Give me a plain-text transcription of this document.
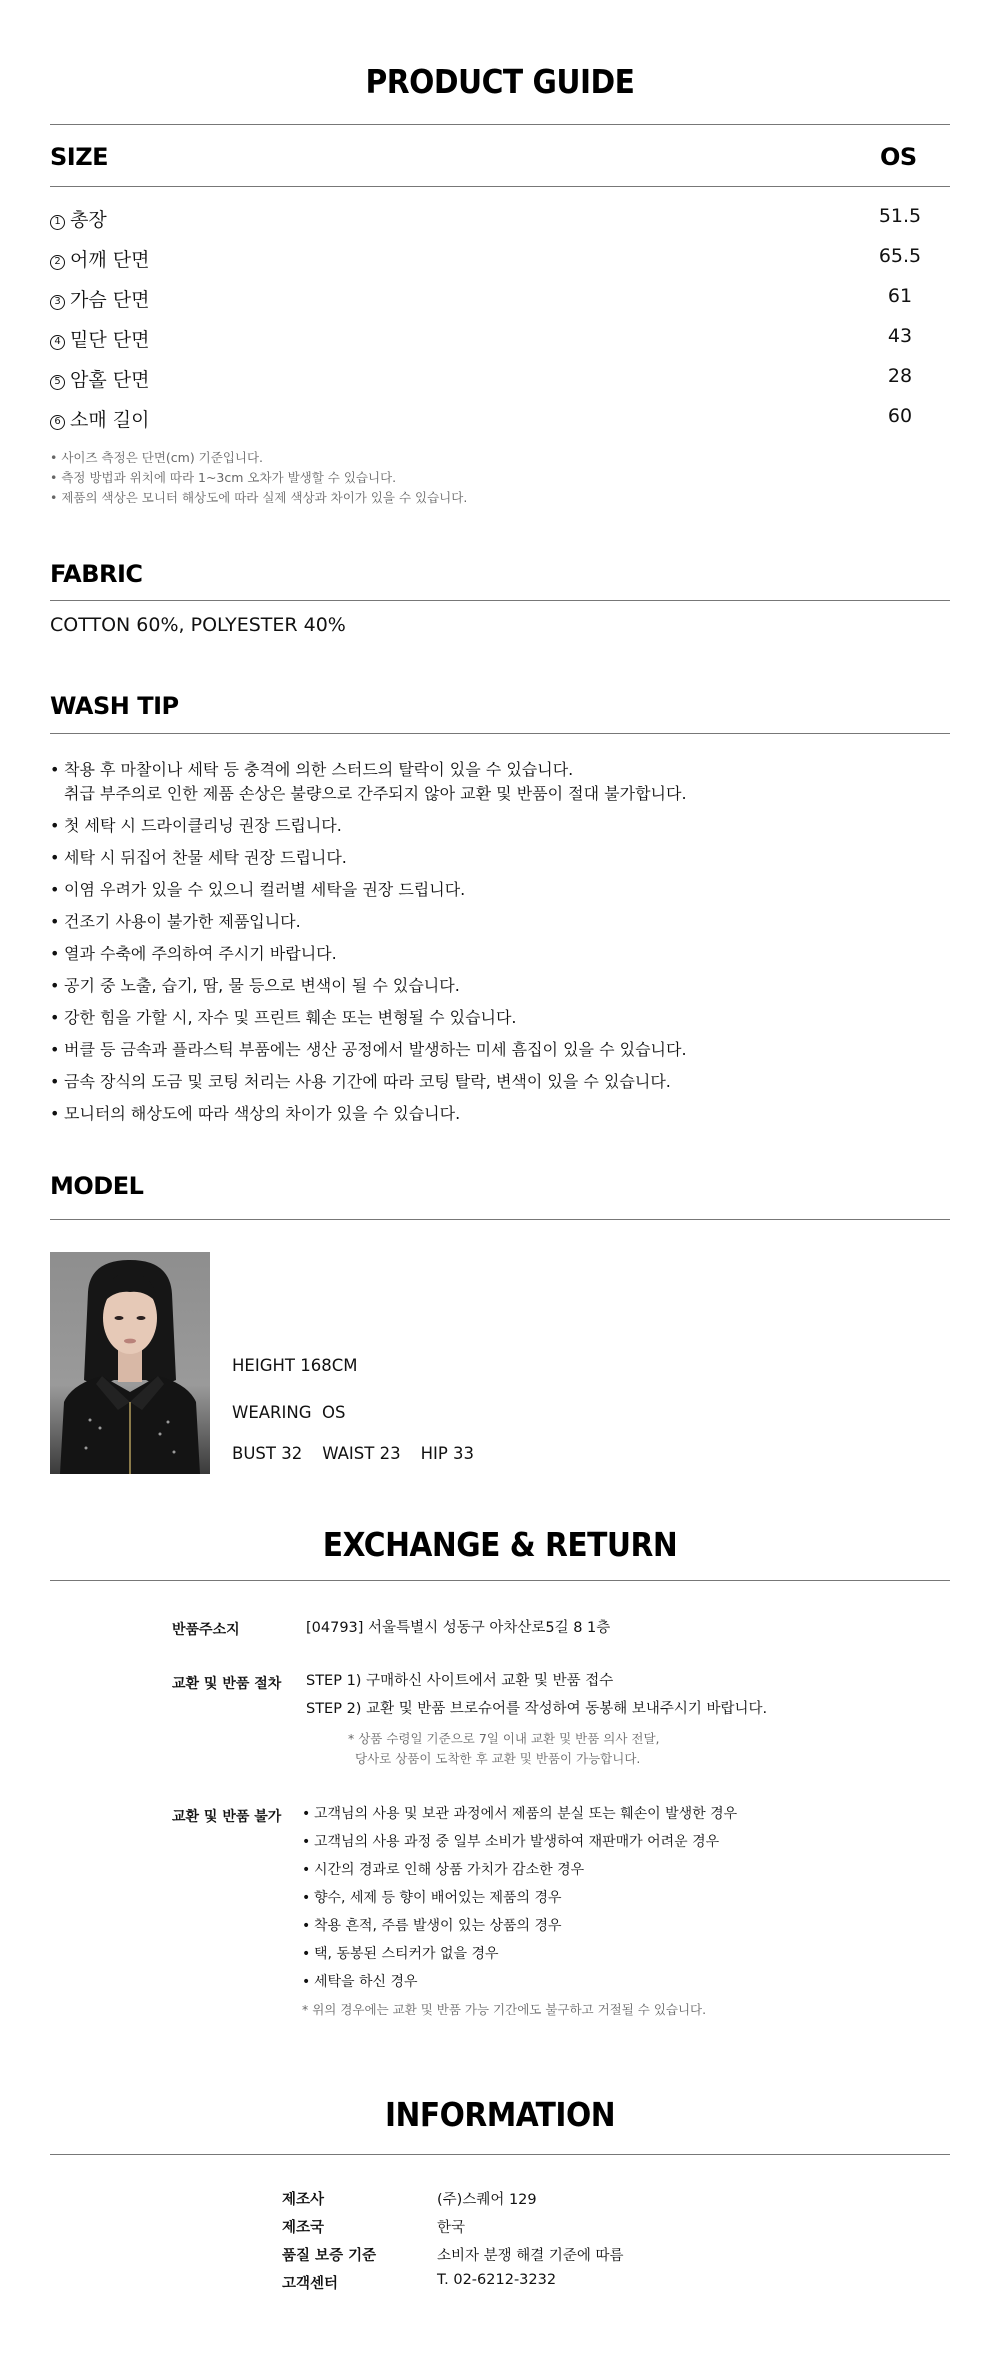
PRODUCT GUIDE
SIZE	OS
1 총장	51.5
2 어깨 단면	65.5
3 가슴 단면	61
4 밑단 단면	43
5 암홀 단면	28
6 소매 길이	60
• 사이즈 측정은 단면(cm) 기준입니다.
• 측정 방법과 위치에 따라 1~3cm 오차가 발생할 수 있습니다.
• 제품의 색상은 모니터 해상도에 따라 실제 색상과 차이가 있을 수 있습니다.
FABRIC
COTTON 60%, POLYESTER 40%
WASH TIP
• 착용 후 마찰이나 세탁 등 충격에 의한 스터드의 탈락이 있을 수 있습니다.
취급 부주의로 인한 제품 손상은 불량으로 간주되지 않아 교환 및 반품이 절대 불가합니다.
• 첫 세탁 시 드라이클리닝 권장 드립니다.
• 세탁 시 뒤집어 찬물 세탁 권장 드립니다.
• 이염 우려가 있을 수 있으니 컬러별 세탁을 권장 드립니다.
• 건조기 사용이 불가한 제품입니다.
• 열과 수축에 주의하여 주시기 바랍니다.
• 공기 중 노출, 습기, 땀, 물 등으로 변색이 될 수 있습니다.
• 강한 힘을 가할 시, 자수 및 프린트 훼손 또는 변형될 수 있습니다.
• 버클 등 금속과 플라스틱 부품에는 생산 공정에서 발생하는 미세 흠집이 있을 수 있습니다.
• 금속 장식의 도금 및 코팅 처리는 사용 기간에 따라 코팅 탈락, 변색이 있을 수 있습니다.
• 모니터의 해상도에 따라 색상의 차이가 있을 수 있습니다.
MODEL
HEIGHT 168CM
WEARING  OS
BUST 32 WAIST 23 HIP 33
EXCHANGE & RETURN
반품주소지	[04793] 서울특별시 성동구 아차산로5길 8 1층
교환 및 반품 절차 STEP 1) 구매하신 사이트에서 교환 및 반품 접수
STEP 2) 교환 및 반품 브로슈어를 작성하여 동봉해 보내주시기 바랍니다.
* 상품 수령일 기준으로 7일 이내 교환 및 반품 의사 전달,
당사로 상품이 도착한 후 교환 및 반품이 가능합니다.
교환 및 반품 불가	• 고객님의 사용 및 보관 과정에서 제품의 분실 또는 훼손이 발생한 경우
• 고객님의 사용 과정 중 일부 소비가 발생하여 재판매가 어려운 경우
• 시간의 경과로 인해 상품 가치가 감소한 경우
• 향수, 세제 등 향이 배어있는 제품의 경우
• 착용 흔적, 주름 발생이 있는 상품의 경우
• 택, 동봉된 스티커가 없을 경우
• 세탁을 하신 경우
* 위의 경우에는 교환 및 반품 가능 기간에도 불구하고 거절될 수 있습니다.
INFORMATION
제조사	(주)스퀘어 129
제조국	한국
품질 보증 기준	소비자 분쟁 해결 기준에 따름
고객센터	T. 02-6212-3232
